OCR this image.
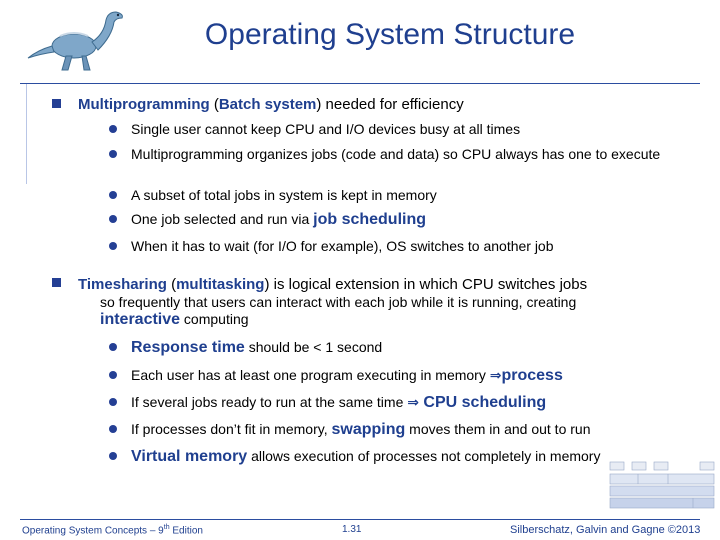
Operating System Structure
Multiprogramming (Batch system) needed for efficiency
Single user cannot keep CPU and I/O devices busy at all times
Multiprogramming organizes jobs (code and data) so CPU always has one to execute
A subset of total jobs in system is kept in memory
One job selected and run via job scheduling
When it has to wait (for I/O for example), OS switches to another job
Timesharing (multitasking) is logical extension in which CPU switches jobs
so frequently that users can interact with each job while it is running, creating
interactive computing
Response time should be < 1 second
Each user has at least one program executing in memory ⇒process
If several jobs ready to run at the same time ⇒ CPU scheduling
If processes don’t fit in memory, swapping moves them in and out to run
Virtual memory allows execution of processes not completely in memory
Operating System Concepts – 9th Edition	1.31	Silberschatz, Galvin and Gagne ©2013
